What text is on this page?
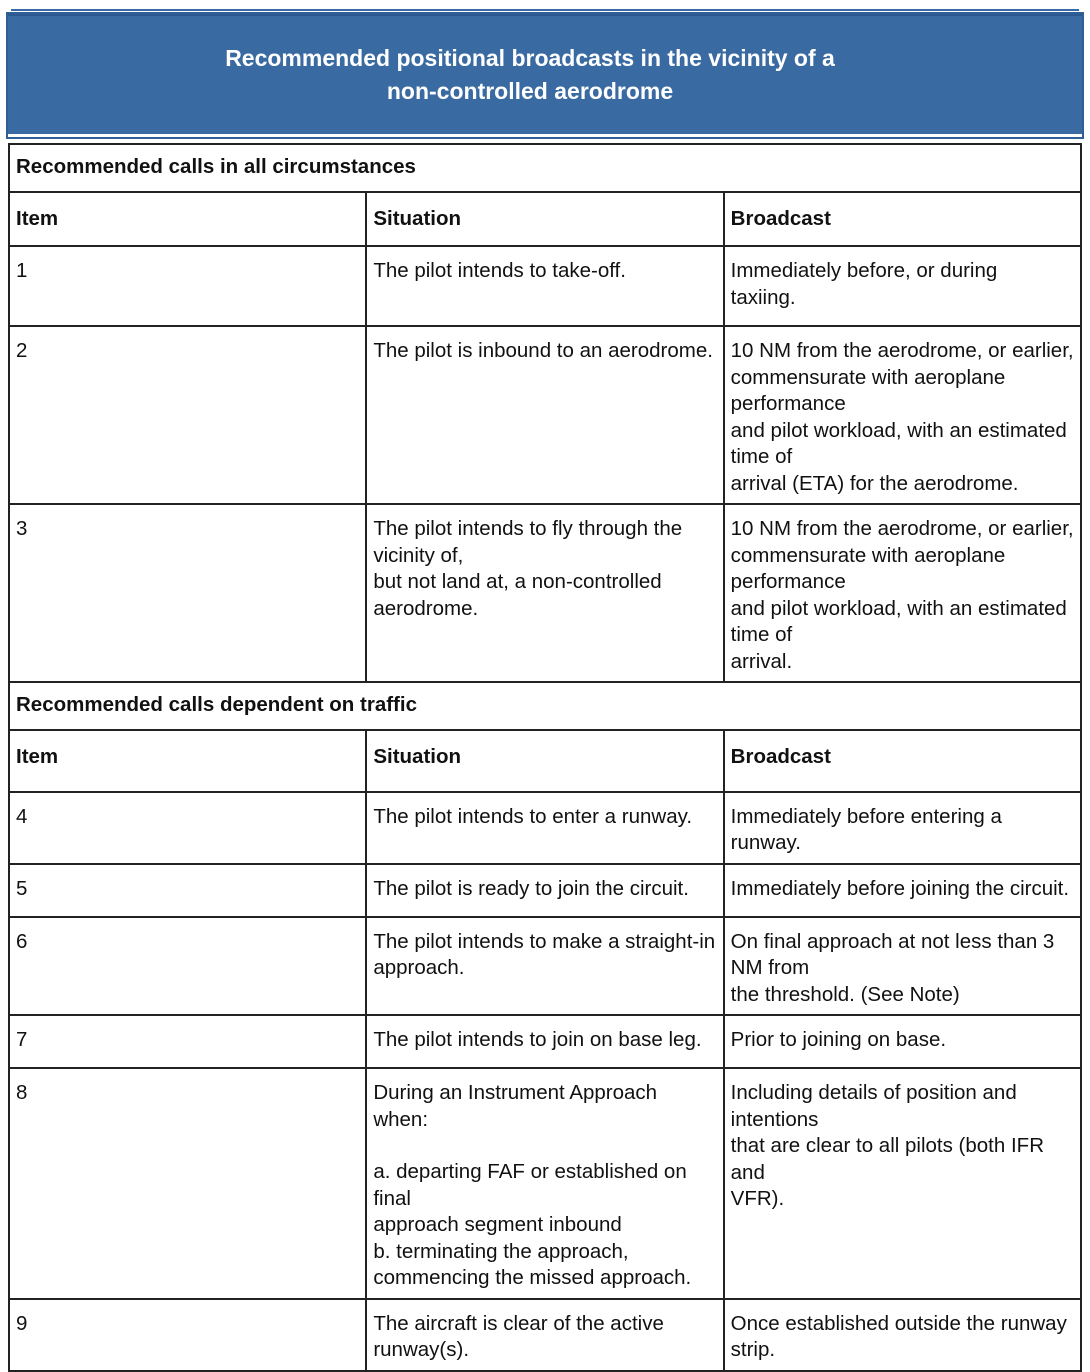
Recommended positional broadcasts in the vicinity of a
non-controlled aerodrome
Recommended calls in all circumstances		
Item	Situation	Broadcast
1	The pilot intends to take-off.	Immediately before, or during
taxiing.
2	The pilot is inbound to an aerodrome.	10 NM from the aerodrome, or earlier,
commensurate with aeroplane performance
and pilot workload, with an estimated time of
arrival (ETA) for the aerodrome.
3	The pilot intends to fly through the vicinity of,
but not land at, a non-controlled aerodrome.	10 NM from the aerodrome, or earlier,
commensurate with aeroplane performance
and pilot workload, with an estimated time of
arrival.
Recommended calls dependent on traffic		
Item	Situation	Broadcast
4	The pilot intends to enter a runway.	Immediately before entering a runway.
5	The pilot is ready to join the circuit.	Immediately before joining the circuit.
6	The pilot intends to make a straight-in
approach.	On final approach at not less than 3 NM from
the threshold. (See Note)
7	The pilot intends to join on base leg.	Prior to joining on base.
8	During an Instrument Approach when:
a. departing FAF or established on final
approach segment inbound
b. terminating the approach,
commencing the missed approach.	Including details of position and intentions
that are clear to all pilots (both IFR and
VFR).
9	The aircraft is clear of the active runway(s).	Once established outside the runway strip.
